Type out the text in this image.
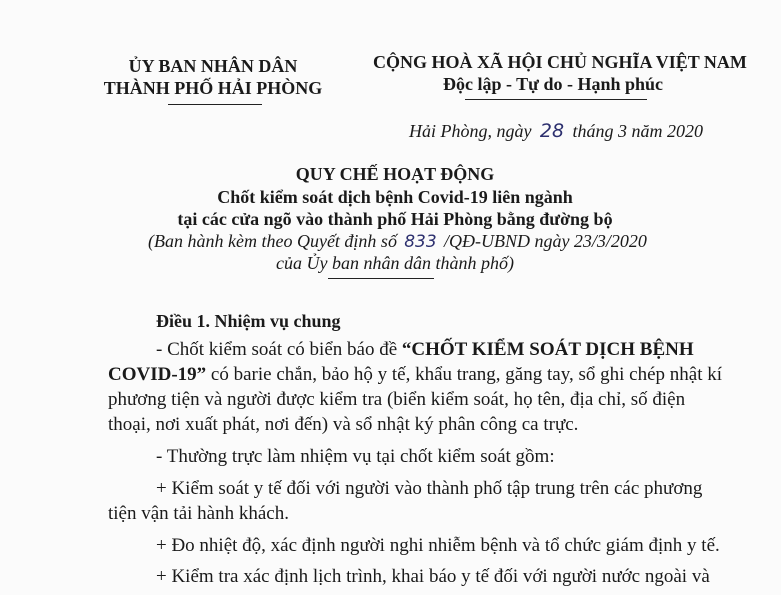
ỦY BAN NHÂN DÂN
THÀNH PHỐ HẢI PHÒNG
CỘNG HOÀ XÃ HỘI CHỦ NGHĨA VIỆT NAM
Độc lập - Tự do - Hạnh phúc
Hải Phòng, ngày 28 tháng 3 năm 2020
QUY CHẾ HOẠT ĐỘNG
Chốt kiểm soát dịch bệnh Covid-19 liên ngành
tại các cửa ngõ vào thành phố Hải Phòng bằng đường bộ
(Ban hành kèm theo Quyết định số 833 /QĐ-UBND ngày 23/3/2020
của Ủy ban nhân dân thành phố)
Điều 1. Nhiệm vụ chung
- Chốt kiểm soát có biển báo đề “CHỐT KIỂM SOÁT DỊCH BỆNH
COVID-19” có barie chắn, bảo hộ y tế, khẩu trang, găng tay, sổ ghi chép nhật kí
phương tiện và người được kiểm tra (biển kiểm soát, họ tên, địa chỉ, số điện
thoại, nơi xuất phát, nơi đến) và sổ nhật ký phân công ca trực.
- Thường trực làm nhiệm vụ tại chốt kiểm soát gồm:
+ Kiểm soát y tế đối với người vào thành phố tập trung trên các phương
tiện vận tải hành khách.
+ Đo nhiệt độ, xác định người nghi nhiễm bệnh và tổ chức giám định y tế.
+ Kiểm tra xác định lịch trình, khai báo y tế đối với người nước ngoài và
